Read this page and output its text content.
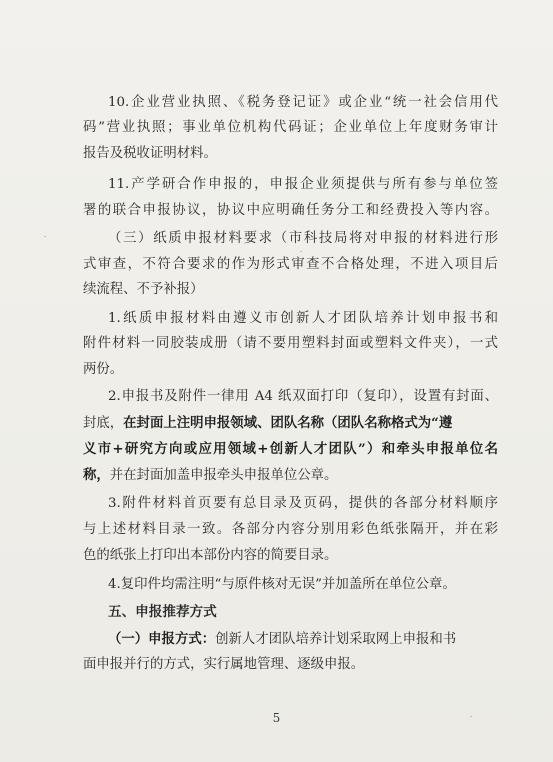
10.企业营业执照、《税务登记证》或企业“统一社会信用代
码”营业执照；事业单位机构代码证；企业单位上年度财务审计
报告及税收证明材料。
11.产学研合作申报的，申报企业须提供与所有参与单位签
署的联合申报协议，协议中应明确任务分工和经费投入等内容。
（三）纸质申报材料要求（市科技局将对申报的材料进行形
式审查，不符合要求的作为形式审查不合格处理，不进入项目后
续流程、不予补报）
1.纸质申报材料由遵义市创新人才团队培养计划申报书和
附件材料一同胶装成册（请不要用塑料封面或塑料文件夹），一式
两份。
2.申报书及附件一律用 A4 纸双面打印（复印），设置有封面、
封底，在封面上注明申报领域、团队名称（团队名称格式为“遵
义市+研究方向或应用领域+创新人才团队”）和牵头申报单位名
称，并在封面加盖申报牵头申报单位公章。
3.附件材料首页要有总目录及页码，提供的各部分材料顺序
与上述材料目录一致。各部分内容分别用彩色纸张隔开，并在彩
色的纸张上打印出本部份内容的简要目录。
4.复印件均需注明“与原件核对无误”并加盖所在单位公章。
五、申报推荐方式
（一）申报方式：创新人才团队培养计划采取网上申报和书
面申报并行的方式，实行属地管理、逐级申报。
5
